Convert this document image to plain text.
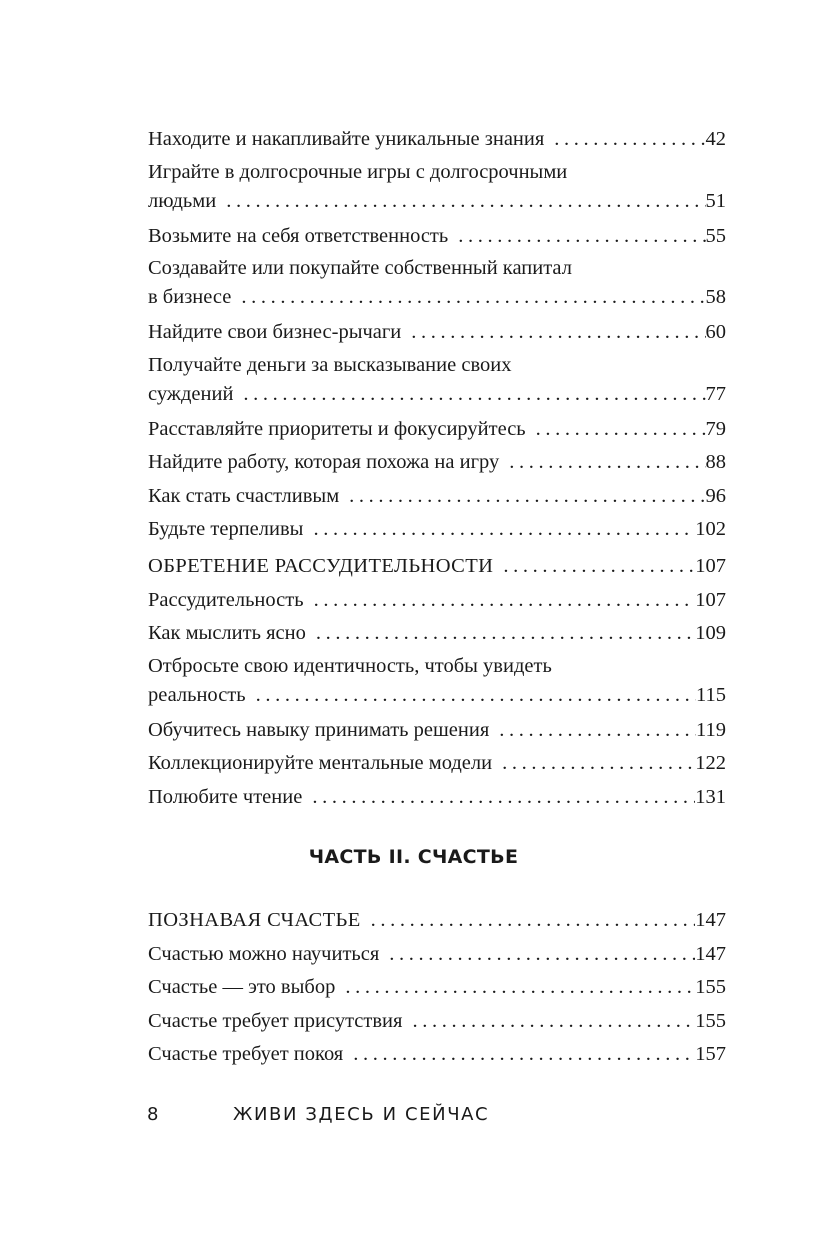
Находите и накапливайте уникальные знания . . .	42
Играйте в долгосрочные игры с долгосрочными
людьми . . .	51
Возьмите на себя ответственность . . .	55
Создавайте или покупайте собственный капитал
в бизнесе . . .	58
Найдите свои бизнес-рычаги . . .	60
Получайте деньги за высказывание своих
суждений . . .	77
Расставляйте приоритеты и фокусируйтесь . . .	79
Найдите работу, которая похожа на игру . . .	88
Как стать счастливым . . .	96
Будьте терпеливы . . .	102
ОБРЕТЕНИЕ РАССУДИТЕЛЬНОСТИ . . .	107
Рассудительность . . .	107
Как мыслить ясно . . .	109
Отбросьте свою идентичность, чтобы увидеть
реальность . . .	115
Обучитесь навыку принимать решения . . .	119
Коллекционируйте ментальные модели . . .	122
Полюбите чтение . . .	131
ЧАСТЬ II. СЧАСТЬЕ
ПОЗНАВАЯ СЧАСТЬЕ . . .	147
Счастью можно научиться . . .	147
Счастье — это выбор . . .	155
Счастье требует присутствия . . .	155
Счастье требует покоя . . .	157
8	ЖИВИ ЗДЕСЬ И СЕЙЧАС
